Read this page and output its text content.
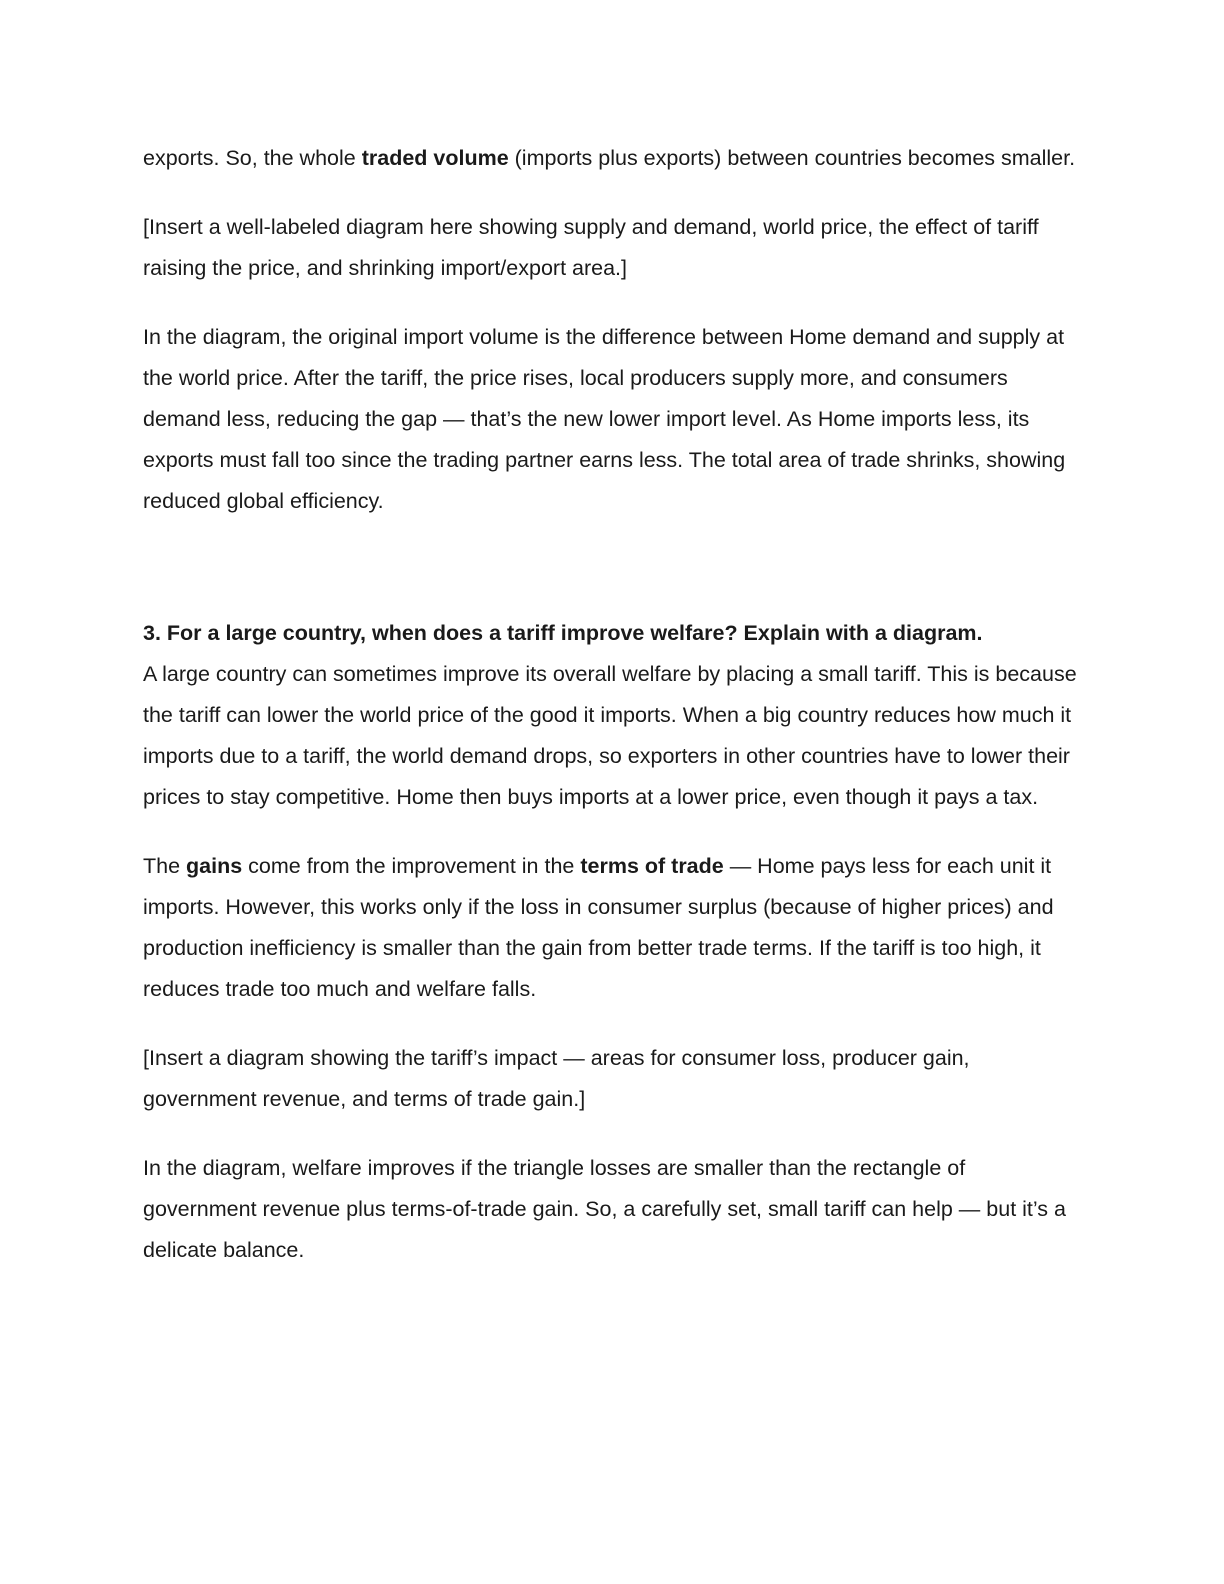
exports. So, the whole traded volume (imports plus exports) between countries becomes smaller.

[Insert a well-labeled diagram here showing supply and demand, world price, the effect of tariff raising the price, and shrinking import/export area.]

In the diagram, the original import volume is the difference between Home demand and supply at the world price. After the tariff, the price rises, local producers supply more, and consumers demand less, reducing the gap — that’s the new lower import level. As Home imports less, its exports must fall too since the trading partner earns less. The total area of trade shrinks, showing reduced global efficiency.

3. For a large country, when does a tariff improve welfare? Explain with a diagram.

A large country can sometimes improve its overall welfare by placing a small tariff. This is because the tariff can lower the world price of the good it imports. When a big country reduces how much it imports due to a tariff, the world demand drops, so exporters in other countries have to lower their prices to stay competitive. Home then buys imports at a lower price, even though it pays a tax.

The gains come from the improvement in the terms of trade — Home pays less for each unit it imports. However, this works only if the loss in consumer surplus (because of higher prices) and production inefficiency is smaller than the gain from better trade terms. If the tariff is too high, it reduces trade too much and welfare falls.

[Insert a diagram showing the tariff’s impact — areas for consumer loss, producer gain, government revenue, and terms of trade gain.]

In the diagram, welfare improves if the triangle losses are smaller than the rectangle of government revenue plus terms-of-trade gain. So, a carefully set, small tariff can help — but it’s a delicate balance.
